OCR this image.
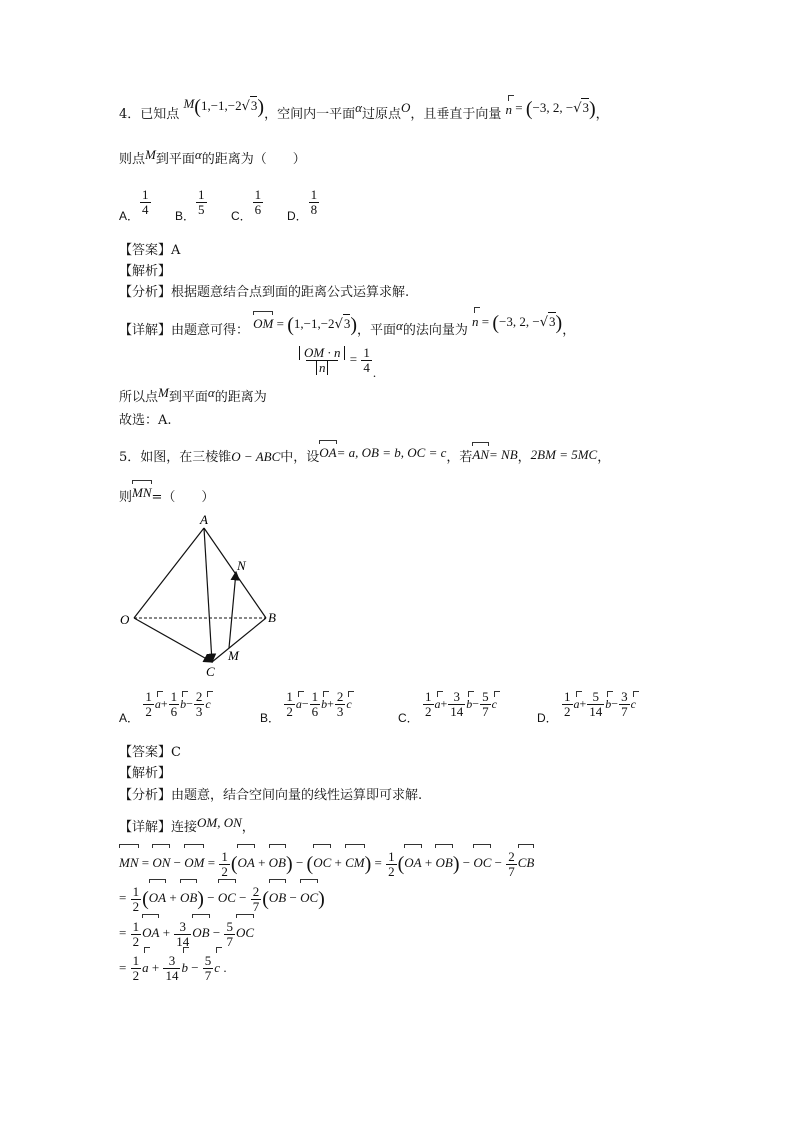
4．已知点 M(1,−1,−2√3)，空间内一平面α过原点O，且垂直于向量 n = (−3, 2, −√3)，
则点M到平面α的距离为（　　）
A． $\frac{1}{4}$ B． $\frac{1}{5}$ C． $\frac{1}{6}$ D． $\frac{1}{8}$
【答案】A
【解析】
【分析】根据题意结合点到面的距离公式运算求解.
【详解】由题意可得： OM = (1,−1,−2√3)，平面α的法向量为 n = (−3, 2, −√3)，
所以点M到平面α的距离为
$\frac{OM \cdot n}{n} = \frac{1}{4}$ .
故选：A.
5．如图，在三棱锥O − ABC中，设OA= a, OB = b, OC = c，若AN= NB，2BM = 5MC，
则MN=（　　）
A
B
O
C
M
N
A． $\frac{1}{2} a+ \frac{1}{6} b- \frac{2}{3}$ c
B． $\frac{1}{2} a- \frac{1}{6} b+ \frac{2}{3}$ c
C． $\frac{1}{2} a+ \frac{3}{14} b- \frac{5}{7}$ c
D． $\frac{1}{2} a+ \frac{5}{14} b- \frac{3}{7}$ c
【答案】C
【解析】
【分析】由题意，结合空间向量的线性运算即可求解.
【详解】连接OM, ON，
MN = ON − OM = $\frac{1}{2} (OA + OB) - (OC + CM) = \frac{1}{2} (OA + OB)$ − OC − $\frac{2}{7}$ CB
= $\frac{1}{2} (OA + OB)$ − OC − $\frac{2}{7} (OB - OC)$
= $\frac{1}{2}$ OA + $\frac{3}{14}$ OB − $\frac{5}{7}$ OC
= $\frac{1}{2}$ $a + \frac{3}{14}$ $b - \frac{5}{7}$ c .
